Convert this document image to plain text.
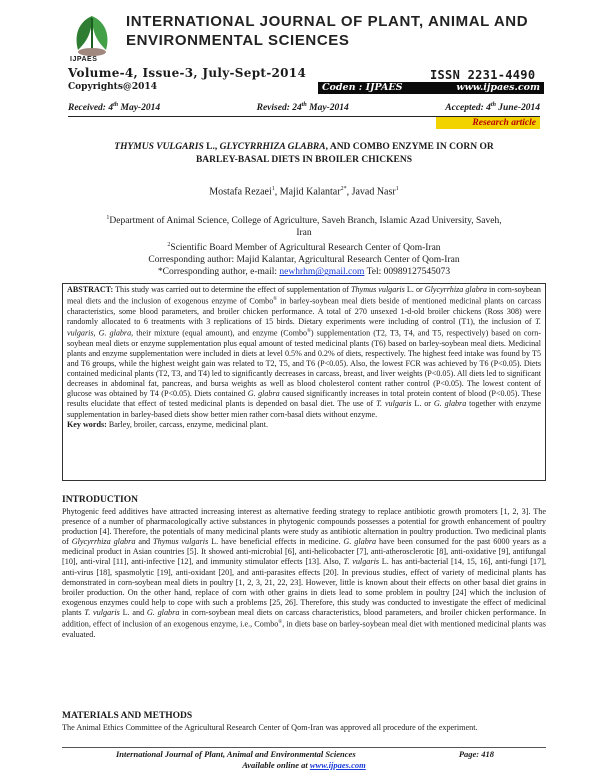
IJPAES
INTERNATIONAL JOURNAL OF PLANT, ANIMAL AND
ENVIRONMENTAL SCIENCES
Volume-4, Issue-3, July-Sept-2014
Copyrights@2014
ISSN 2231-4490
Coden : IJPAES	www.ijpaes.com
Received: 4th May-2014	Revised: 24th May-2014	Accepted: 4th June-2014
Research article
THYMUS VULGARIS L., GLYCYRRHIZA GLABRA, AND COMBO ENZYME IN CORN OR
BARLEY-BASAL DIETS IN BROILER CHICKENS
Mostafa Rezaei$^1$, Majid Kalantar$^{2*}$, Javad Nasr$^1$
$^1$Department of Animal Science, College of Agriculture, Saveh Branch, Islamic Azad University, Saveh,
Iran
$^2$Scientific Board Member of Agricultural Research Center of Qom-Iran
Corresponding author: Majid Kalantar, Agricultural Research Center of Qom-Iran
*Corresponding author, e-mail: newhrhm@gmail.com Tel: 00989127545073
ABSTRACT: This study was carried out to determine the effect of supplementation of Thymus vulgaris L. or Glycyrrhiza glabra in corn-soybean meal diets and the inclusion of exogenous enzyme of Combo® in barley-soybean meal diets beside of mentioned medicinal plants on carcass characteristics, some blood parameters, and broiler chicken performance. A total of 270 unsexed 1-d-old broiler chickens (Ross 308) were randomly allocated to 6 treatments with 3 replications of 15 birds. Dietary experiments were including of control (T1), the inclusion of T. vulgaris, G. glabra, their mixture (equal amount), and enzyme (Combo®) supplementation (T2, T3, T4, and T5, respectively) based on corn-soybean meal diets or enzyme supplementation plus equal amount of tested medicinal plants (T6) based on barley-soybean meal diets. Medicinal plants and enzyme supplementation were included in diets at level 0.5% and 0.2% of diets, respectively. The highest feed intake was found by T5 and T6 groups, while the highest weight gain was related to T2, T5, and T6 (P<0.05). Also, the lowest FCR was achieved by T6 (P<0.05). Diets contained medicinal plants (T2, T3, and T4) led to significantly decreases in carcass, breast, and liver weights (P<0.05). All diets led to significant decreases in abdominal fat, pancreas, and bursa weights as well as blood cholesterol content rather control (P<0.05). The lowest content of glucose was obtained by T4 (P<0.05). Diets contained G. glabra caused significantly increases in total protein content of blood (P<0.05). These results elucidate that effect of tested medicinal plants is depended on basal diet. The use of T. vulgaris L. or G. glabra together with enzyme supplementation in barley-based diets show better mien rather corn-basal diets without enzyme.
Key words: Barley, broiler, carcass, enzyme, medicinal plant.
INTRODUCTION
Phytogenic feed additives have attracted increasing interest as alternative feeding strategy to replace antibiotic growth promoters [1, 2, 3]. The presence of a number of pharmacologically active substances in phytogenic compounds possesses a potential for growth enhancement of poultry production [4]. Therefore, the potentials of many medicinal plants were study as antibiotic alternation in poultry production. Two medicinal plants of Glycyrrhiza glabra and Thymus vulgaris L. have beneficial effects in medicine. G. glabra have been consumed for the past 6000 years as a medicinal product in Asian countries [5]. It showed anti-microbial [6], anti-helicobacter [7], anti-atherosclerotic [8], anti-oxidative [9], antifungal [10], anti-viral [11], anti-infective [12], and immunity stimulator effects [13]. Also, T. vulgaris L. has anti-bacterial [14, 15, 16], anti-fungi [17], anti-virus [18], spasmolytic [19], anti-oxidant [20], and anti-parasites effects [20]. In previous studies, effect of variety of medicinal plants has demonstrated in corn-soybean meal diets in poultry [1, 2, 3, 21, 22, 23]. However, little is known about their effects on other basal diet grains in broiler production. On the other hand, replace of corn with other grains in diets lead to some problem in poultry [24] which the inclusion of exogenous enzymes could help to cope with such a problems [25, 26]. Therefore, this study was conducted to investigate the effect of medicinal plants T. vulgaris L. and G. glabra in corn-soybean meal diets on carcass characteristics, blood parameters, and broiler chicken performance. In addition, effect of inclusion of an exogenous enzyme, i.e., Combo®, in diets base on barley-soybean meal diet with mentioned medicinal plants was evaluated.
MATERIALS AND METHODS
The Animal Ethics Committee of the Agricultural Research Center of Qom-Iran was approved all procedure of the experiment.
International Journal of Plant, Animal and Environmental Sciences	Page: 418
Available online at www.ijpaes.com
